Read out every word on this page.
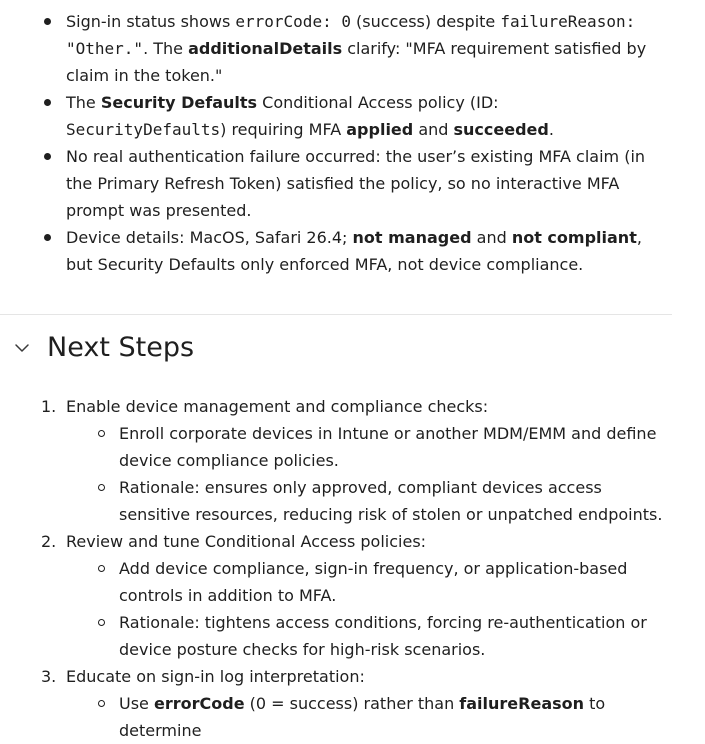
Sign-in status shows errorCode: 0 (success) despite failureReason: "Other.". The additionalDetails clarify: "MFA requirement satisfied by claim in the token."
The Security Defaults Conditional Access policy (ID: SecurityDefaults) requiring MFA applied and succeeded.
No real authentication failure occurred: the user’s existing MFA claim (in the Primary Refresh Token) satisfied the policy, so no interactive MFA prompt was presented.
Device details: MacOS, Safari 26.4; not managed and not compliant, but Security Defaults only enforced MFA, not device compliance.
Next Steps
1. Enable device management and compliance checks:
Enroll corporate devices in Intune or another MDM/EMM and define device compliance policies.
Rationale: ensures only approved, compliant devices access sensitive resources, reducing risk of stolen or unpatched endpoints.
2. Review and tune Conditional Access policies:
Add device compliance, sign-in frequency, or application-based controls in addition to MFA.
Rationale: tightens access conditions, forcing re-authentication or device posture checks for high-risk scenarios.
3. Educate on sign-in log interpretation:
Use errorCode (0 = success) rather than failureReason to determine
